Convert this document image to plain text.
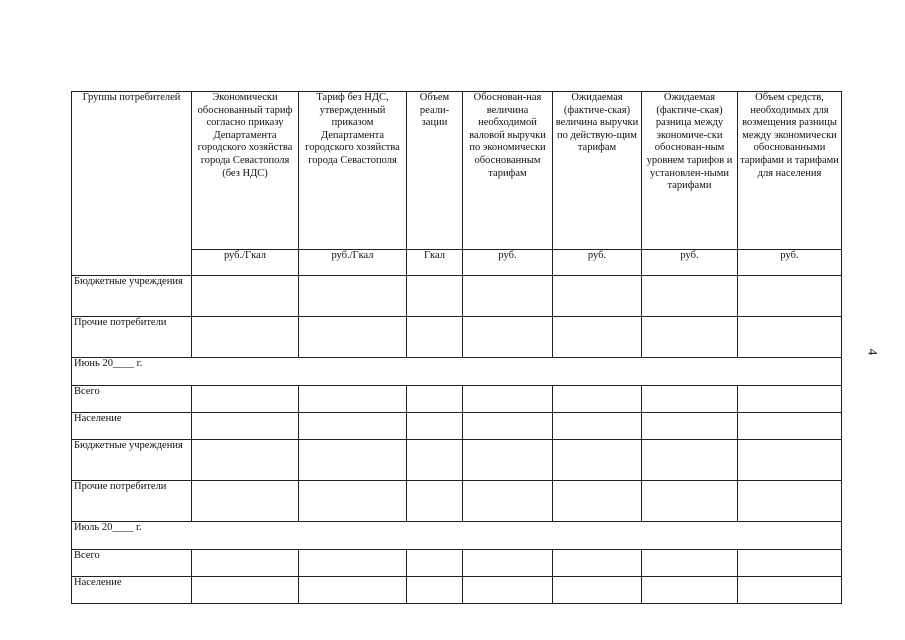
Группы потребителей	Экономически обоснованный тариф согласно приказу Департамента городского хозяйства города Севастополя (без НДС)	Тариф без НДС, утвержденный приказом Департамента городского хозяйства города Севастополя	Объем реали-зации	Обоснован-ная величина необходимой валовой выручки по экономически обоснованным тарифам	Ожидаемая (фактиче-ская) величина выручки по действую-щим тарифам	Ожидаемая (фактиче-ская) разница между экономиче-ски обоснован-ным уровнем тарифов и установлен-ными тарифами	Объем средств, необходимых для возмещения разницы между экономически обоснованными тарифами и тарифами для населения
	руб./Гкал	руб./Гкал	Гкал	руб.	руб.	руб.	руб.
Бюджетные учреждения							
Прочие потребители							
Июнь 20____ г.							
Всего							
Население							
Бюджетные учреждения							
Прочие потребители							
Июль 20____ г.							
Всего							
Население							
4
